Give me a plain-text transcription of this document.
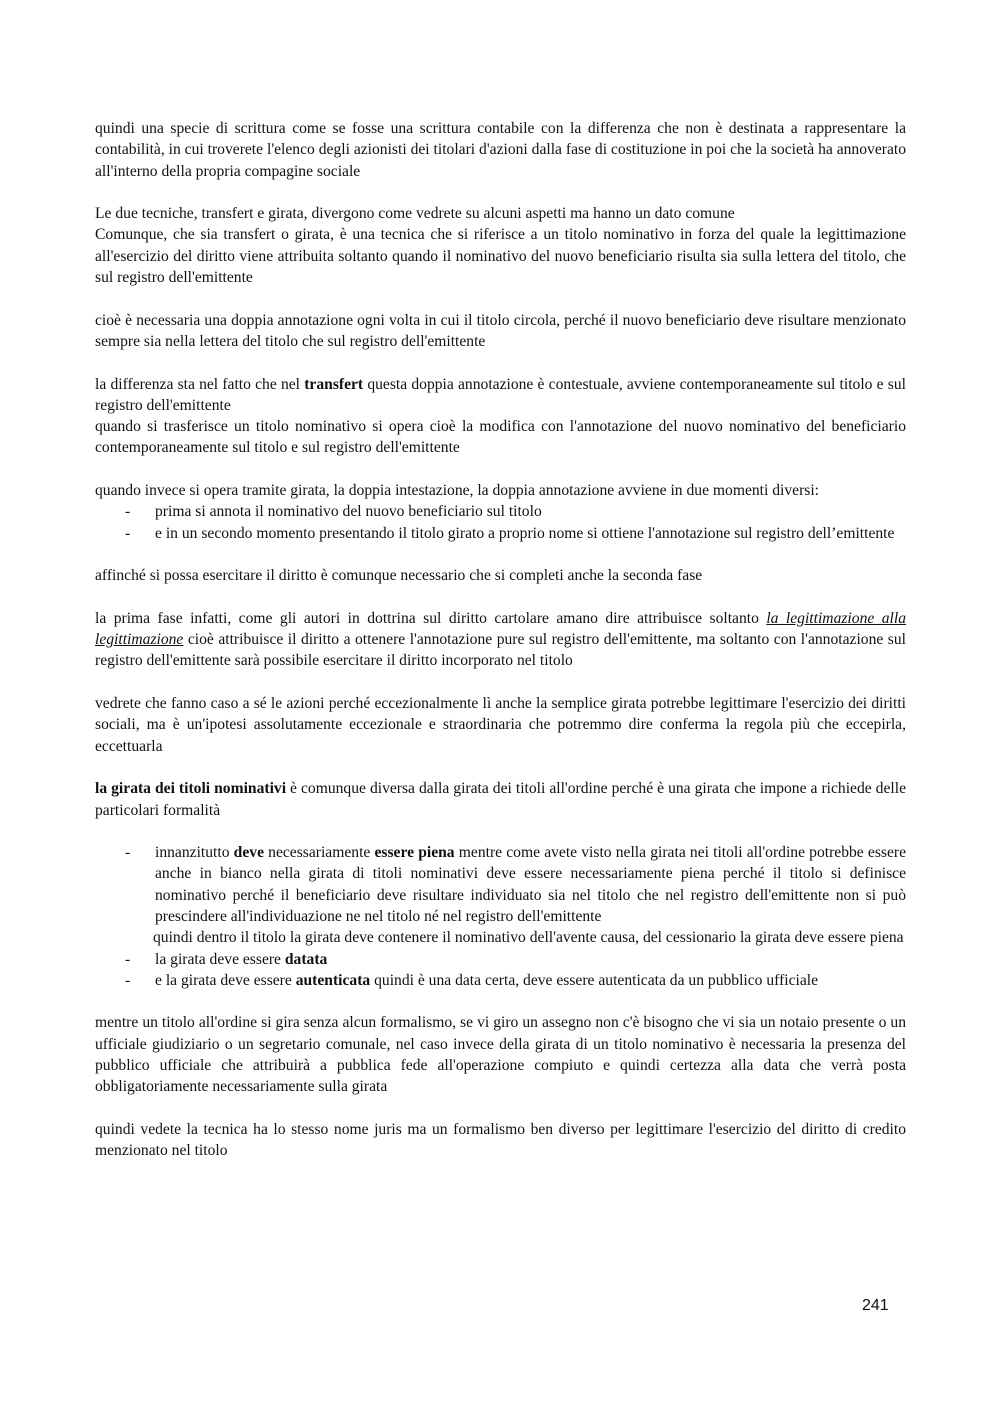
quindi una specie di scrittura come se fosse una scrittura contabile con la differenza che non è destinata a rappresentare la contabilità, in cui troverete l'elenco degli azionisti dei titolari d'azioni dalla fase di costituzione in poi che la società ha annoverato all'interno della propria compagine sociale

Le due tecniche, transfert e girata, divergono come vedrete su alcuni aspetti ma hanno un dato comune
Comunque, che sia transfert o girata, è una tecnica che si riferisce a un titolo nominativo in forza del quale la legittimazione all'esercizio del diritto viene attribuita soltanto quando il nominativo del nuovo beneficiario risulta sia sulla lettera del titolo, che sul registro dell'emittente

cioè è necessaria una doppia annotazione ogni volta in cui il titolo circola, perché il nuovo beneficiario deve risultare menzionato sempre sia nella lettera del titolo che sul registro dell'emittente

la differenza sta nel fatto che nel transfert questa doppia annotazione è contestuale, avviene contemporaneamente sul titolo e sul registro dell'emittente
quando si trasferisce un titolo nominativo si opera cioè la modifica con l'annotazione del nuovo nominativo del beneficiario contemporaneamente sul titolo e sul registro dell'emittente

quando invece si opera tramite girata, la doppia intestazione, la doppia annotazione avviene in due momenti diversi:
- prima si annota il nominativo del nuovo beneficiario sul titolo
- e in un secondo momento presentando il titolo girato a proprio nome si ottiene l'annotazione sul registro dell’emittente

affinché si possa esercitare il diritto è comunque necessario che si completi anche la seconda fase

la prima fase infatti, come gli autori in dottrina sul diritto cartolare amano dire attribuisce soltanto la legittimazione alla legittimazione cioè attribuisce il diritto a ottenere l'annotazione pure sul registro dell'emittente, ma soltanto con l'annotazione sul registro dell'emittente sarà possibile esercitare il diritto incorporato nel titolo

vedrete che fanno caso a sé le azioni perché eccezionalmente lì anche la semplice girata potrebbe legittimare l'esercizio dei diritti sociali, ma è un'ipotesi assolutamente eccezionale e straordinaria che potremmo dire conferma la regola più che eccepirla, eccettuarla

la girata dei titoli nominativi è comunque diversa dalla girata dei titoli all'ordine perché è una girata che impone a richiede delle particolari formalità

- innanzitutto deve necessariamente essere piena mentre come avete visto nella girata nei titoli all'ordine potrebbe essere anche in bianco nella girata di titoli nominativi deve essere necessariamente piena perché il titolo si definisce nominativo perché il beneficiario deve risultare individuato sia nel titolo che nel registro dell'emittente non si può prescindere all'individuazione ne nel titolo né nel registro dell'emittente
quindi dentro il titolo la girata deve contenere il nominativo dell'avente causa, del cessionario la girata deve essere piena
- la girata deve essere datata
- e la girata deve essere autenticata quindi è una data certa, deve essere autenticata da un pubblico ufficiale

mentre un titolo all'ordine si gira senza alcun formalismo, se vi giro un assegno non c'è bisogno che vi sia un notaio presente o un ufficiale giudiziario o un segretario comunale, nel caso invece della girata di un titolo nominativo è necessaria la presenza del pubblico ufficiale che attribuirà a pubblica fede all'operazione compiuto e quindi certezza alla data che verrà posta obbligatoriamente necessariamente sulla girata

quindi vedete la tecnica ha lo stesso nome juris ma un formalismo ben diverso per legittimare l'esercizio del diritto di credito menzionato nel titolo

241
